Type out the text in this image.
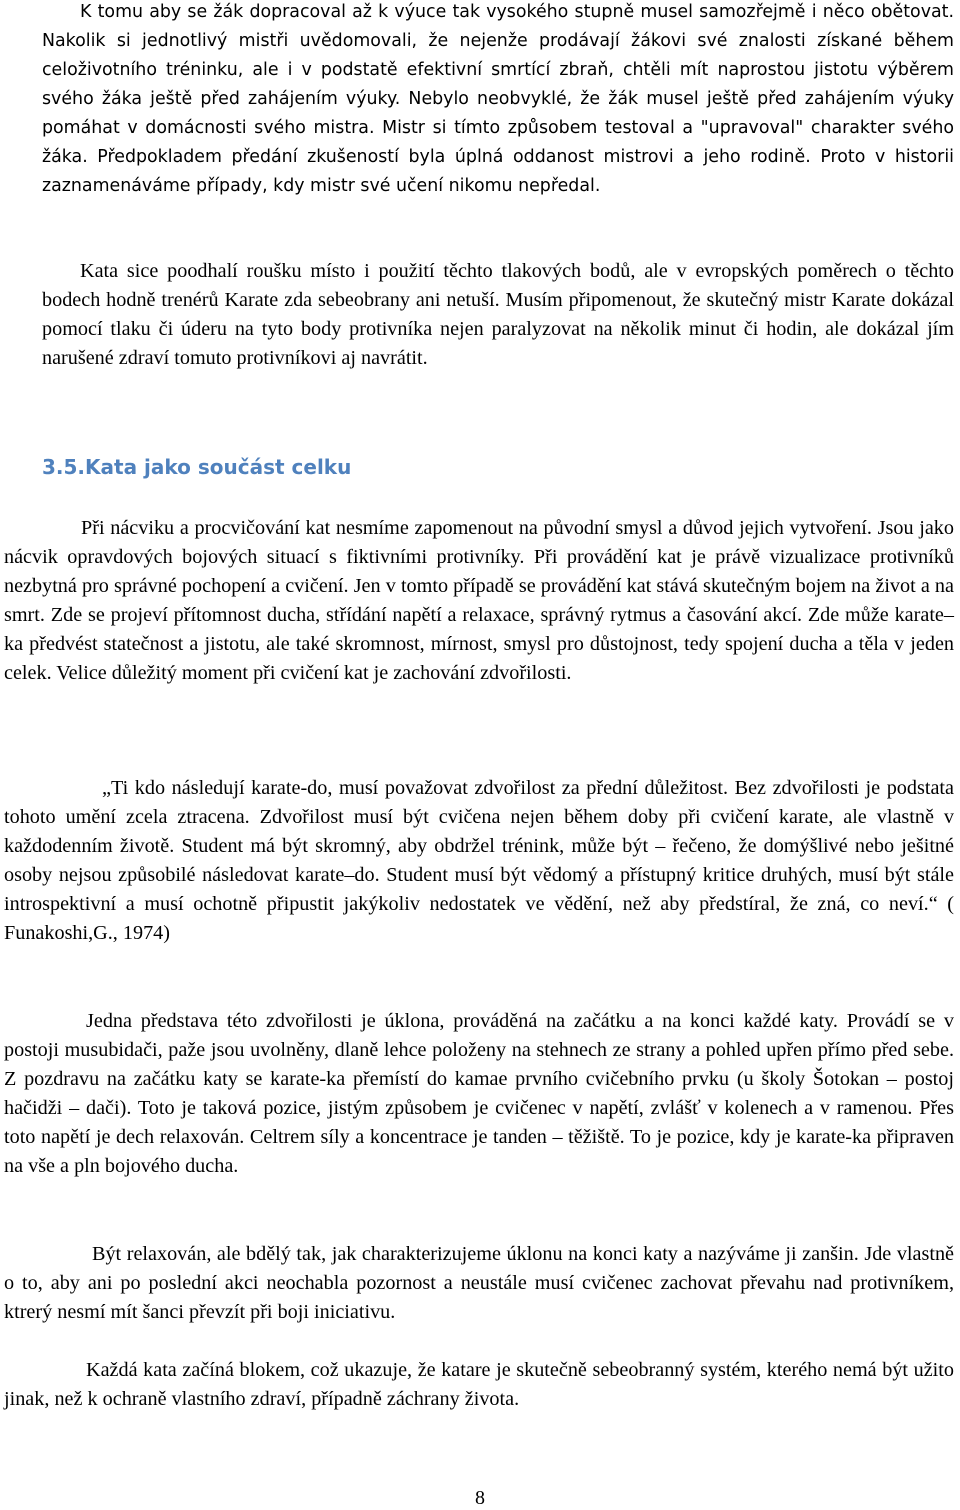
K tomu aby se žák dopracoval až k výuce tak vysokého stupně musel samozřejmě i něco obětovat. Nakolik si jednotlivý mistři uvědomovali, že nejenže prodávají žákovi své znalosti získané během celoživotního tréninku, ale i v podstatě efektivní smrtící zbraň, chtěli mít naprostou jistotu výběrem svého žáka ještě před zahájením výuky. Nebylo neobvyklé, že žák musel ještě před zahájením výuky pomáhat v domácnosti svého mistra. Mistr si tímto způsobem testoval a "upravoval" charakter svého žáka. Předpokladem předání zkušeností byla úplná oddanost mistrovi a jeho rodině. Proto v historii zaznamenáváme případy, kdy mistr své učení nikomu nepředal.

Kata sice poodhalí roušku místo i použití těchto tlakových bodů, ale v evropských poměrech o těchto bodech hodně trenérů Karate zda sebeobrany ani netuší. Musím připomenout, že skutečný mistr Karate dokázal pomocí tlaku či úderu na tyto body protivníka nejen paralyzovat na několik minut či hodin, ale dokázal jím narušené zdraví tomuto protivníkovi aj navrátit.

3.5.Kata jako součást celku

Při nácviku a procvičování kat nesmíme zapomenout na původní smysl a důvod jejich vytvoření. Jsou jako nácvik opravdových bojových situací s fiktivními protivníky. Při provádění kat je právě vizualizace protivníků nezbytná pro správné pochopení a cvičení. Jen v tomto případě se provádění kat stává skutečným bojem na život a na smrt. Zde se projeví přítomnost ducha, střídání napětí a relaxace, správný rytmus a časování akcí. Zde může karate–ka předvést statečnost a jistotu, ale také skromnost, mírnost, smysl pro důstojnost, tedy spojení ducha a těla v jeden celek. Velice důležitý moment při cvičení kat je zachování zdvořilosti.

„Ti kdo následují karate-do, musí považovat zdvořilost za přední důležitost. Bez zdvořilosti je podstata tohoto umění zcela ztracena. Zdvořilost musí být cvičena nejen během doby při cvičení karate, ale vlastně v každodenním životě. Student má být skromný, aby obdržel trénink, může být – řečeno, že domýšlivé nebo ješitné osoby nejsou způsobilé následovat karate–do. Student musí být vědomý a přístupný kritice druhých, musí být stále introspektivní a musí ochotně připustit jakýkoliv nedostatek ve vědění, než aby předstíral, že zná, co neví.“ ( Funakoshi,G., 1974)

Jedna představa této zdvořilosti je úklona, prováděná na začátku a na konci každé katy. Provádí se v postoji musubidači, paže jsou uvolněny, dlaně lehce položeny na stehnech ze strany a pohled upřen přímo před sebe. Z pozdravu na začátku katy se karate-ka přemístí do kamae prvního cvičebního prvku (u školy Šotokan – postoj hačidži – dači). Toto je taková pozice, jistým způsobem je cvičenec v napětí, zvlášť v kolenech a v ramenou. Přes toto napětí je dech relaxován. Celtrem síly a koncentrace je tanden – těžiště. To je pozice, kdy je karate-ka připraven na vše a pln bojového ducha.

Být relaxován, ale bdělý tak, jak charakterizujeme úklonu na konci katy a nazýváme ji zanšin. Jde vlastně o to, aby ani po poslední akci neochabla pozornost a neustále musí cvičenec zachovat převahu nad protivníkem, ktrerý nesmí mít šanci převzít při boji iniciativu.

Každá kata začíná blokem, což ukazuje, že katare je skutečně sebeobranný systém, kterého nemá být užito jinak, než k ochraně vlastního zdraví, případně záchrany života.

8
